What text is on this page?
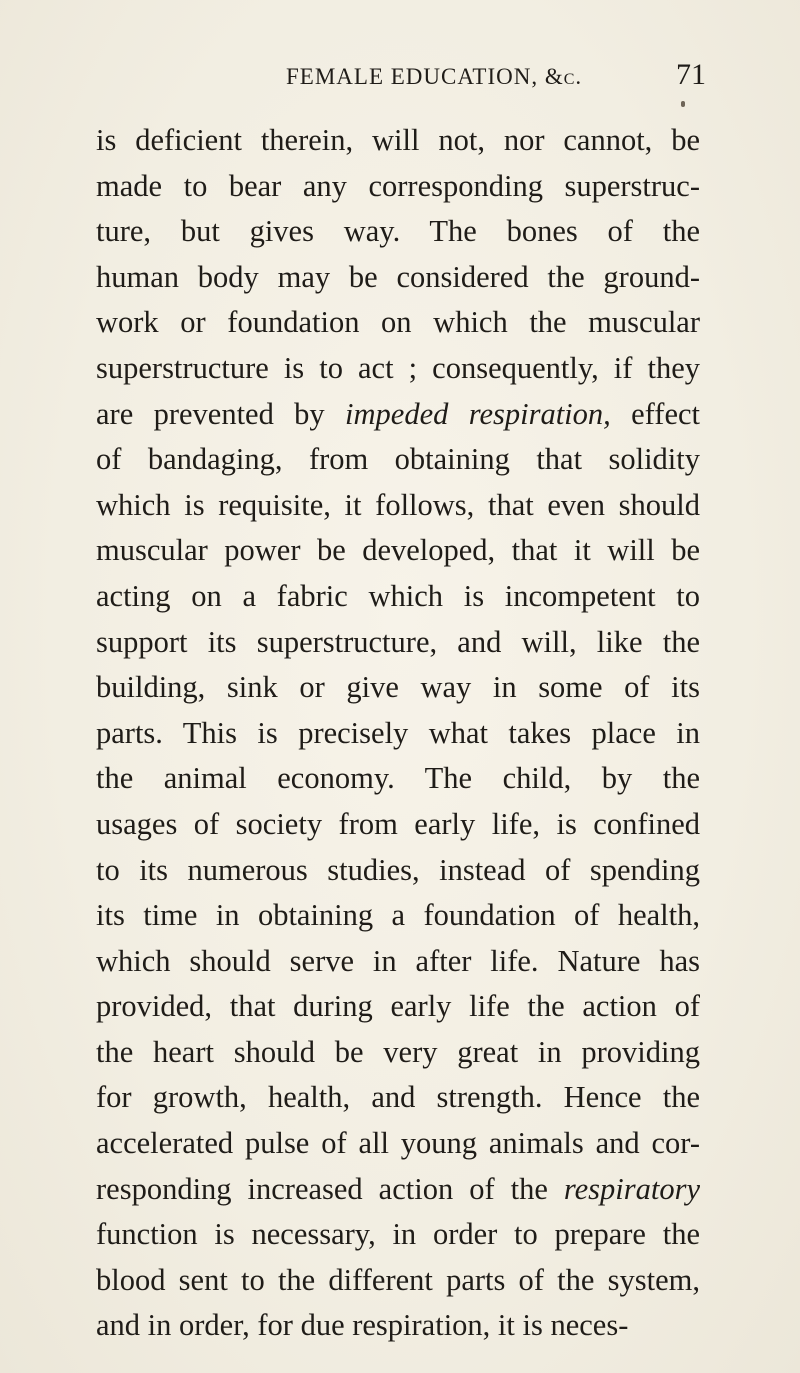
FEMALE EDUCATION, &c.	71
is deficient therein, will not, nor cannot, be
made to bear any corresponding superstruc-
ture, but gives way. The bones of the
human body may be considered the ground-
work or foundation on which the muscular
superstructure is to act ; consequently, if they
are prevented by impeded respiration, effect
of bandaging, from obtaining that solidity
which is requisite, it follows, that even should
muscular power be developed, that it will be
acting on a fabric which is incompetent to
support its superstructure, and will, like the
building, sink or give way in some of its
parts. This is precisely what takes place in
the animal economy. The child, by the
usages of society from early life, is confined
to its numerous studies, instead of spending
its time in obtaining a foundation of health,
which should serve in after life. Nature has
provided, that during early life the action of
the heart should be very great in providing
for growth, health, and strength. Hence the
accelerated pulse of all young animals and cor-
responding increased action of the respiratory
function is necessary, in order to prepare the
blood sent to the different parts of the system,
and in order, for due respiration, it is neces-
